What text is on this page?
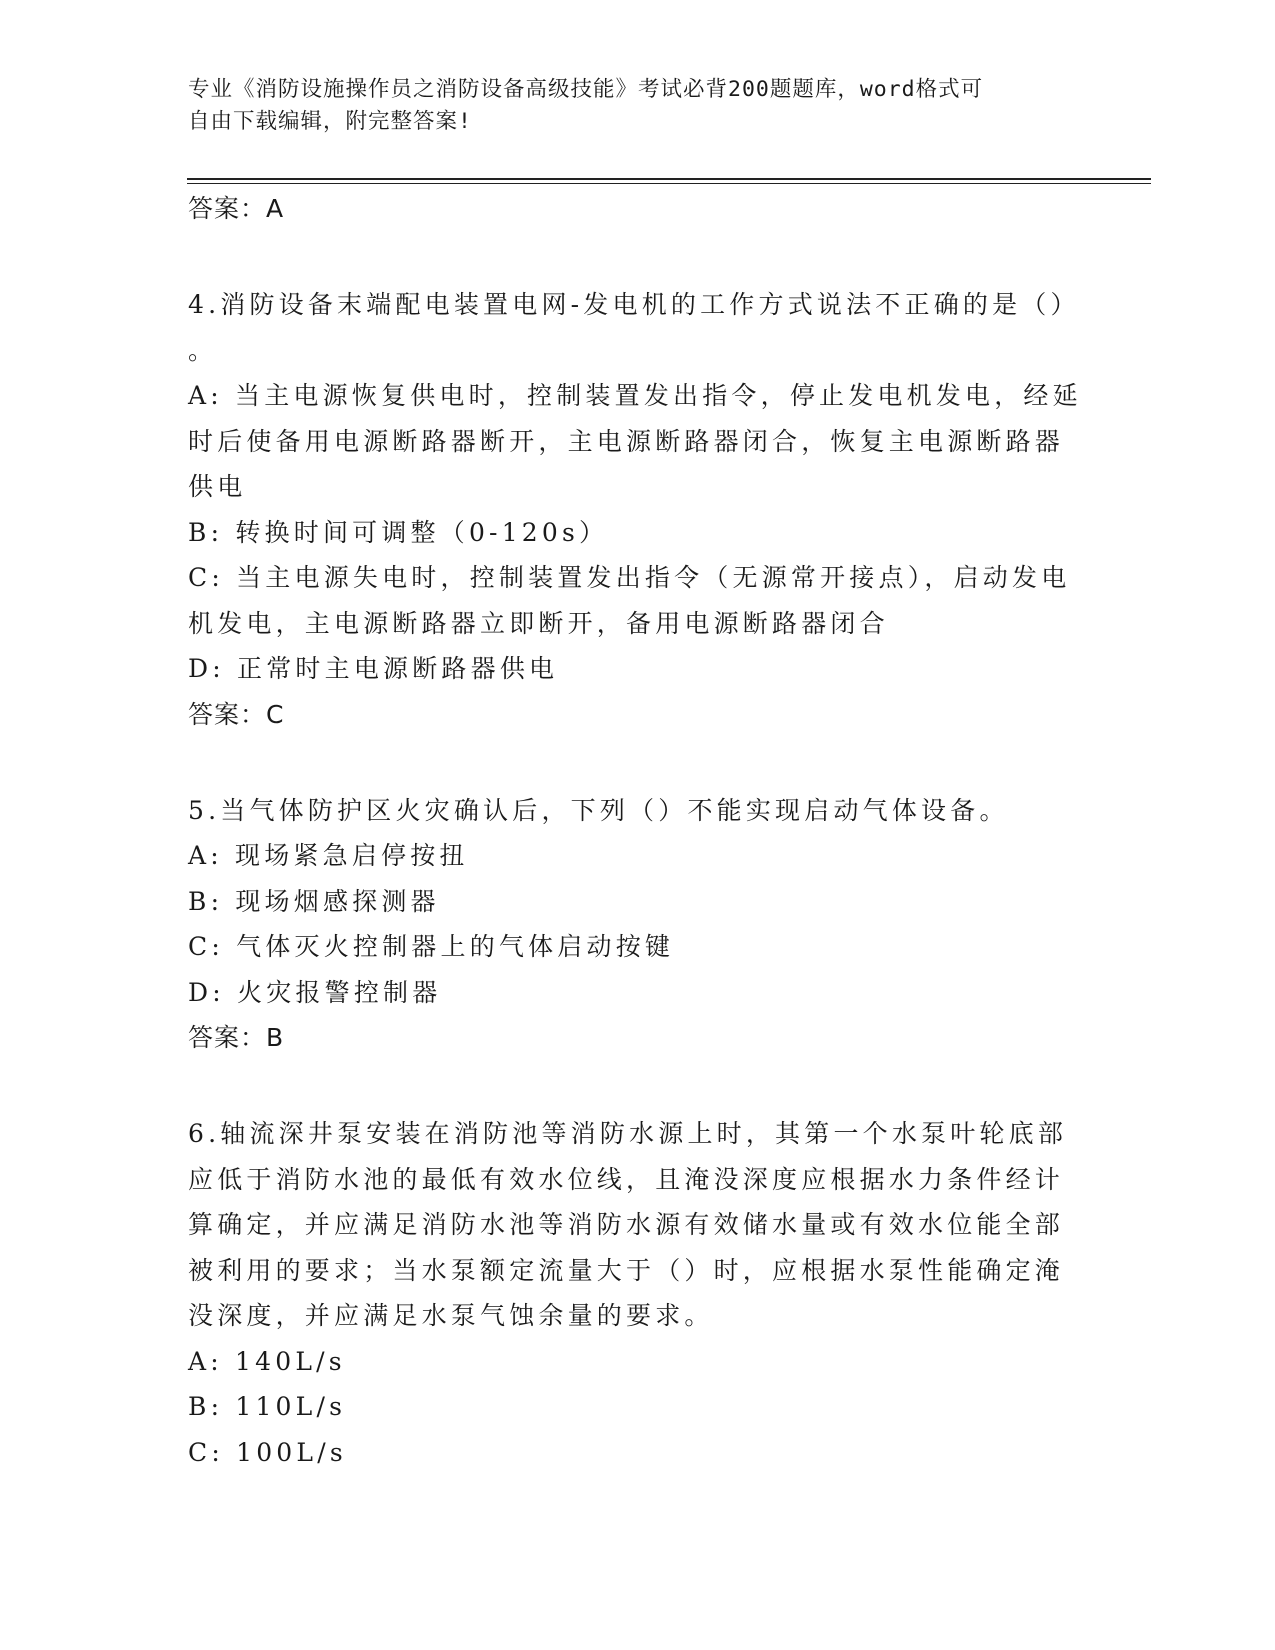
专业《消防设施操作员之消防设备高级技能》考试必背200题题库，word格式可
自由下载编辑，附完整答案!

答案：A

4.消防设备末端配电装置电网-发电机的工作方式说法不正确的是（）

。

A: 当主电源恢复供电时，控制装置发出指令，停止发电机发电，经延

时后使备用电源断路器断开，主电源断路器闭合，恢复主电源断路器

供电

B: 转换时间可调整（0-120s）

C: 当主电源失电时，控制装置发出指令（无源常开接点），启动发电

机发电，主电源断路器立即断开，备用电源断路器闭合

D: 正常时主电源断路器供电

答案：C

5.当气体防护区火灾确认后，下列（）不能实现启动气体设备。

A: 现场紧急启停按扭

B: 现场烟感探测器

C: 气体灭火控制器上的气体启动按键

D: 火灾报警控制器

答案：B

6.轴流深井泵安装在消防池等消防水源上时，其第一个水泵叶轮底部

应低于消防水池的最低有效水位线，且淹没深度应根据水力条件经计

算确定，并应满足消防水池等消防水源有效储水量或有效水位能全部

被利用的要求；当水泵额定流量大于（）时，应根据水泵性能确定淹

没深度，并应满足水泵气蚀余量的要求。

A: 140L/s

B: 110L/s

C: 100L/s
